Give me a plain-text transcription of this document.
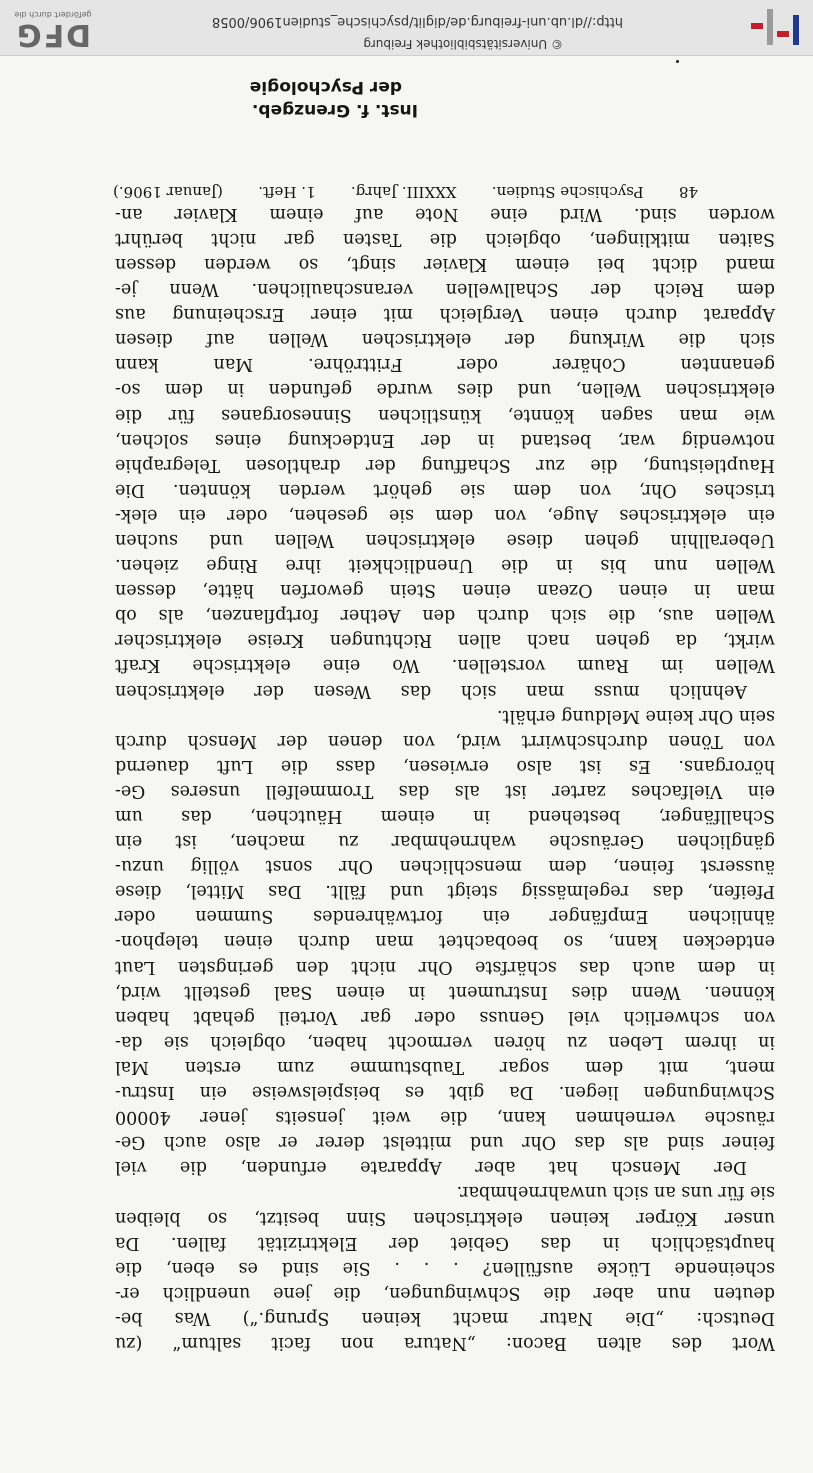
48
Psychische Studien.
XXXIII. Jahrg.
1. Heft.
(Januar 1906.)
Wort des alten Bacon: „Natura non facit saltum“ (zu
Deutsch: „Die Natur macht keinen Sprung.“) Was be-
deuten nun aber die Schwingungen, die jene unendlich er-
scheinende Lücke ausfüllen? . . . Sie sind es eben, die
hauptsächlich in das Gebiet der Elektrizität fallen. Da
unser Körper keinen elektrischen Sinn besitzt, so bleiben
sie für uns an sich unwahrnehmbar.
Der Mensch hat aber Apparate erfunden, die viel
feiner sind als das Ohr und mittelst derer er also auch Ge-
räusche vernehmen kann, die weit jenseits jener 40000
Schwingungen liegen. Da gibt es beispielsweise ein Instru-
ment, mit dem sogar Taubstumme zum ersten Mal
in ihrem Leben zu hören vermocht haben, obgleich sie da-
von schwerlich viel Genuss oder gar Vorteil gehabt haben
können. Wenn dies Instrument in einen Saal gestellt wird,
in dem auch das schärfste Ohr nicht den geringsten Laut
entdecken kann, so beobachtet man durch einen telephon-
ähnlichen Empfänger ein fortwährendes Summen oder
Pfeifen, das regelmässig steigt und fällt. Das Mittel, diese
äusserst feinen, dem menschlichen Ohr sonst völlig unzu-
gänglichen Geräusche wahrnehmbar zu machen, ist ein
Schallfänger, bestehend in einem Häutchen, das um
ein Vielfaches zarter ist als das Trommelfell unseres Ge-
hörorgans. Es ist also erwiesen, dass die Luft dauernd
von Tönen durchschwirrt wird, von denen der Mensch durch
sein Ohr keine Meldung erhält.
Aehnlich muss man sich das Wesen der elektrischen
Wellen im Raum vorstellen. Wo eine elektrische Kraft
wirkt, da gehen nach allen Richtungen Kreise elektrischer
Wellen aus, die sich durch den Aether fortpflanzen, als ob
man in einen Ozean einen Stein geworfen hätte, dessen
Wellen nun bis in die Unendlichkeit ihre Ringe ziehen.
Ueberallhin gehen diese elektrischen Wellen und suchen
ein elektrisches Auge, von dem sie gesehen, oder ein elek-
trisches Ohr, von dem sie gehört werden könnten. Die
Hauptleistung, die zur Schaffung der drahtlosen Telegraphie
notwendig war, bestand in der Entdeckung eines solchen,
wie man sagen könnte, künstlichen Sinnesorganes für die
elektrischen Wellen, und dies wurde gefunden in dem so-
genannten Cohärer oder Frittröhre. Man kann
sich die Wirkung der elektrischen Wellen auf diesen
Apparat durch einen Vergleich mit einer Erscheinung aus
dem Reich der Schallwellen veranschaulichen. Wenn je-
mand dicht bei einem Klavier singt, so werden dessen
Saiten mitklingen, obgleich die Tasten gar nicht berührt
worden sind. Wird eine Note auf einem Klavier an-
Inst. f. Grenzgeb.
der Psychologie
http://dl.ub.uni-freiburg.de/diglit/psychische_studien1906/0058
© Universitätsbibliothek Freiburg
DFG
gefördert durch die
